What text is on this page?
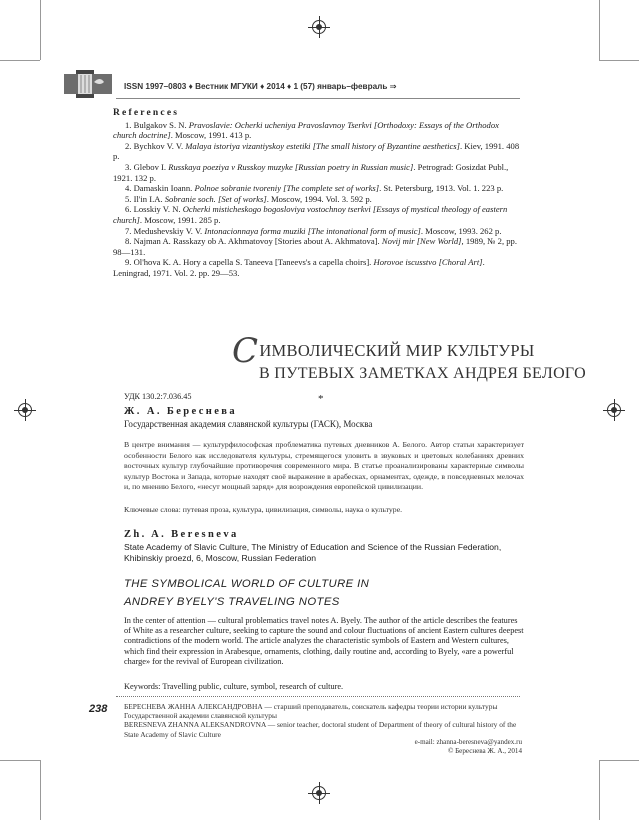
ISSN 1997–0803 ♦ Вестник МГУКИ ♦ 2014 ♦ 1 (57) январь–февраль ⇒
References
1. Bulgakov S. N. Pravoslavie: Ocherki ucheniya Pravoslavnoy Tserkvi [Orthodoxy: Essays of the Orthodox church doctrine]. Moscow, 1991. 413 p.
2. Bychkov V. V. Malaya istoriya vizantiyskoy estetiki [The small history of Byzantine aesthetics]. Kiev, 1991. 408 p.
3. Glebov I. Russkaya poeziya v Russkoy muzyke [Russian poetry in Russian music]. Petrograd: Gosizdat Publ., 1921. 132 p.
4. Damaskin Ioann. Polnoe sobranie tvoreniy [The complete set of works]. St. Petersburg, 1913. Vol. 1. 223 p.
5. Il'in I.A. Sobranie soch. [Set of works]. Moscow, 1994. Vol. 3. 592 p.
6. Losskiy V. N. Ocherki misticheskogo bogosloviya vostochnoy tserkvi [Essays of mystical theology of eastern church]. Moscow, 1991. 285 p.
7. Medushevskiy V. V. Intonacionnaya forma muziki [The intonational form of music]. Moscow, 1993. 262 p.
8. Najman A. Rasskazy ob A. Akhmatovoy [Stories about A. Akhmatova]. Novij mir [New World], 1989, № 2, pp. 98—131.
9. Ol'hova K. A. Hory a capella S. Taneeva [Taneevs's a capella choirs]. Horovoe iscusstvo [Choral Art]. Leningrad, 1971. Vol. 2. pp. 29—53.
*
СИМВОЛИЧЕСКИЙ МИР КУЛЬТУРЫ
В ПУТЕВЫХ ЗАМЕТКАХ АНДРЕЯ БЕЛОГО
УДК 130.2:7.036.45
Ж. А. Береснева
Государственная академия славянской культуры (ГАСК), Москва
В центре внимания — культурфилософская проблематика путевых дневников А. Белого. Автор статьи характеризует особенности Белого как исследователя культуры, стремящегося уловить в звуковых и цветовых колебаниях древних восточных культур глубочайшие противоречия современного мира. В статье проанализированы характерные символы культур Востока и Запада, которые находят своё выражение в арабесках, орнаментах, одежде, в повседневных мелочах и, по мнению Белого, «несут мощный заряд» для возрождения европейской цивилизации.
Ключевые слова: путевая проза, культура, цивилизация, символы, наука о культуре.
Zh. A. Beresneva
State Academy of Slavic Culture, The Ministry of Education and Science of the Russian Federation, Khibinskiy proezd, 6, Moscow, Russian Federation
THE SYMBOLICAL WORLD OF CULTURE IN
ANDREY BYELY'S TRAVELING NOTES
In the center of attention — cultural problematics travel notes A. Byely. The author of the article describes the features of White as a researcher culture, seeking to capture the sound and colour fluctuations of ancient Eastern cultures deepest contradictions of the modern world. The article analyzes the characteristic symbols of Eastern and Western cultures, which find their expression in Arabesque, ornaments, clothing, daily routine and, according to Byely, «are a powerful charge» for the revival of European civilization.
Keywords: Travelling public, culture, symbol, research of culture.
238 БЕРЕСНЕВА ЖАННА АЛЕКСАНДРОВНА — старший преподаватель, соискатель кафедры теории истории культуры Государственной академии славянской культуры
BERESNEVA ZHANNA ALEKSANDROVNA — senior teacher, doctoral student of Department of theory of cultural history of the State Academy of Slavic Culture
e-mail: zhanna-beresneva@yandex.ru
© Береснева Ж. А., 2014
